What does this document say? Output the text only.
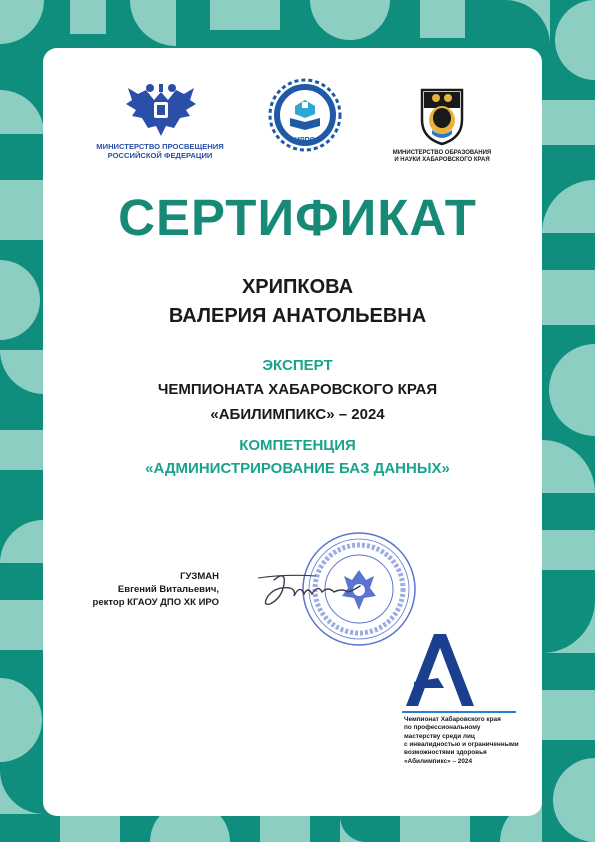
МИНИСТЕРСТВО ПРОСВЕЩЕНИЯ
РОССИЙСКОЙ ФЕДЕРАЦИИ
ИРПО
МИНИСТЕРСТВО ОБРАЗОВАНИЯ
И НАУКИ ХАБАРОВСКОГО КРАЯ
СЕРТИФИКАТ
ХРИПКОВА
ВАЛЕРИЯ АНАТОЛЬЕВНА
ЭКСПЕРТ
ЧЕМПИОНАТА ХАБАРОВСКОГО КРАЯ
«АБИЛИМПИКС» – 2024
КОМПЕТЕНЦИЯ
«АДМИНИСТРИРОВАНИЕ БАЗ ДАННЫХ»
ГУЗМАН
Евгений Витальевич,
ректор КГАОУ ДПО ХК ИРО
Чемпионат Хабаровского края
по профессиональному
мастерству среди лиц
с инвалидностью и ограниченными
возможностями здоровья
«Абилимпикс» – 2024
